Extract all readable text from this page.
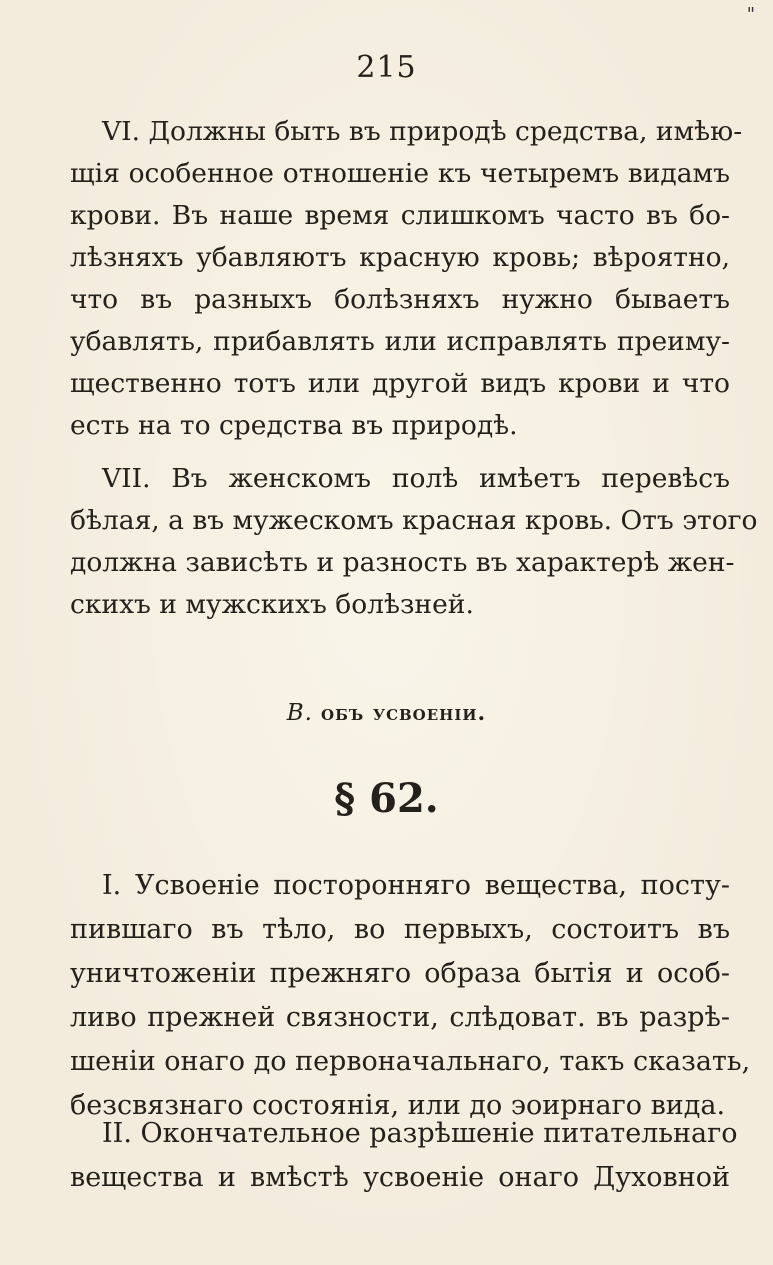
"
215
VI. Должны быть въ природѣ средства, имѣю-
щія особенное отношеніе къ четыремъ видамъ
крови. Въ наше время слишкомъ часто въ бо-
лѣзняхъ убавляютъ красную кровь; вѣроятно,
что въ разныхъ болѣзняхъ нужно бываетъ
убавлять, прибавлять или исправлять преиму-
щественно тотъ или другой видъ крови и что
есть на то средства въ природѣ.
VII. Въ женскомъ полѣ имѣетъ перевѣсъ
бѣлая, а въ мужескомъ красная кровь. Отъ этого
должна зависѣть и разность въ характерѣ жен-
скихъ и мужскихъ болѣзней.
В. объ усвоеніи.
§ 62.
I. Усвоеніе посторонняго вещества, посту-
пившаго въ тѣло, во первыхъ, состоитъ въ
уничтоженіи прежняго образа бытія и особ-
ливо прежней связности, слѣдоват. въ разрѣ-
шеніи онаго до первоначальнаго, такъ сказать,
безсвязнаго состоянія, или до эоирнаго вида.
II. Окончательное разрѣшеніе питательнаго
вещества и вмѣстѣ усвоеніе онаго Духовной
